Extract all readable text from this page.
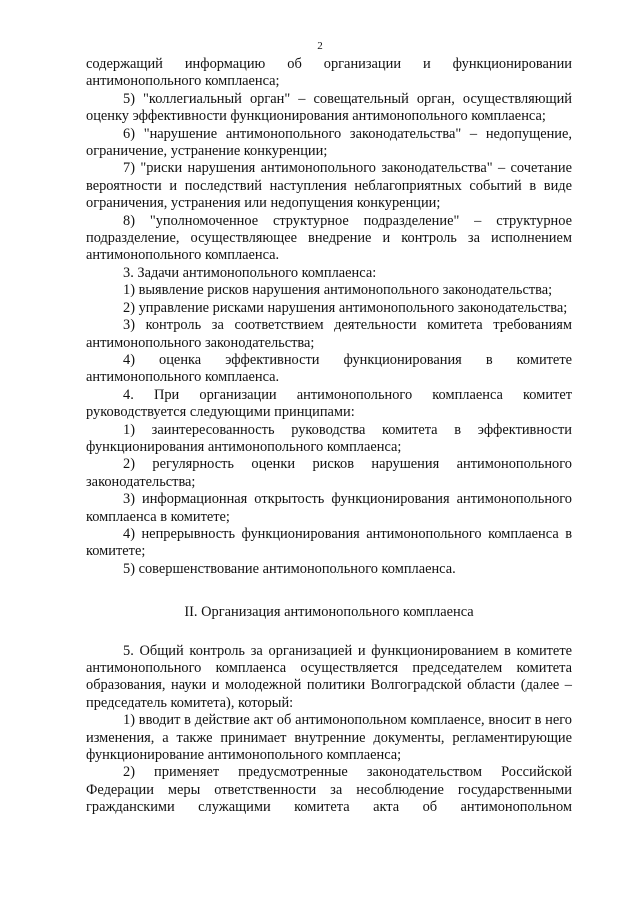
2

содержащий информацию об организации и функционировании антимонопольного комплаенса;

5) "коллегиальный орган" – совещательный орган, осуществляющий оценку эффективности функционирования антимонопольного комплаенса;

6) "нарушение антимонопольного законодательства" – недопущение, ограничение, устранение конкуренции;

7) "риски нарушения антимонопольного законодательства" – сочетание вероятности и последствий наступления неблагоприятных событий в виде ограничения, устранения или недопущения конкуренции;

8) "уполномоченное структурное подразделение" – структурное подразделение, осуществляющее внедрение и контроль за исполнением антимонопольного комплаенса.

3. Задачи антимонопольного комплаенса:

1) выявление рисков нарушения антимонопольного законодательства;

2) управление рисками нарушения антимонопольного законодательства;

3) контроль за соответствием деятельности комитета требованиям антимонопольного законодательства;

4) оценка эффективности функционирования в комитете антимонопольного комплаенса.

4. При организации антимонопольного комплаенса комитет руководствуется следующими принципами:

1) заинтересованность руководства комитета в эффективности функционирования антимонопольного комплаенса;

2) регулярность оценки рисков нарушения антимонопольного законодательства;

3) информационная открытость функционирования антимонопольного комплаенса в комитете;

4) непрерывность функционирования антимонопольного комплаенса в комитете;

5) совершенствование антимонопольного комплаенса.

II. Организация антимонопольного комплаенса

5. Общий контроль за организацией и функционированием в комитете антимонопольного комплаенса осуществляется председателем комитета образования, науки и молодежной политики Волгоградской области (далее – председатель комитета), который:

1) вводит в действие акт об антимонопольном комплаенсе, вносит в него изменения, а также принимает внутренние документы, регламентирующие функционирование антимонопольного комплаенса;

2) применяет предусмотренные законодательством Российской Федерации меры ответственности за несоблюдение государственными гражданскими служащими комитета акта об антимонопольном
